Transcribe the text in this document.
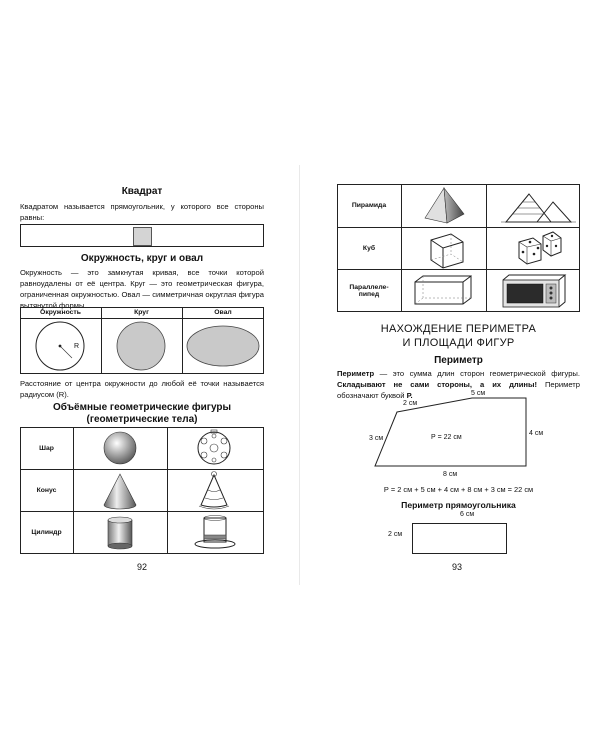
Квадрат
Квадратом называется прямоугольник, у которого все стороны равны:
Окружность, круг и овал
Окружность — это замкнутая кривая, все точки которой равноудалены от её центра. Круг — это геометрическая фигура, ограниченная окружностью. Овал — симметричная округлая фигура вытянутой формы.
Окружность	Круг	Овал
R
Расстояние от центра окружности до любой её точки называется радиусом (R).
Объёмные геометрические фигуры
(геометрические тела)
Шар
Конус
Цилиндр
92
Пирамида
Куб
Параллеле-пипед
НАХОЖДЕНИЕ ПЕРИМЕТРА
И ПЛОЩАДИ ФИГУР
Периметр
Периметр — это сумма длин сторон геометрической фигуры. Складывают не сами стороны, а их длины! Периметр обозначают буквой Р.
2 см
5 см
3 см
4 см
Р = 22 см
8 см
Р = 2 см + 5 см + 4 см + 8 см + 3 см = 22 см
Периметр прямоугольника
6 см
2 см
93
